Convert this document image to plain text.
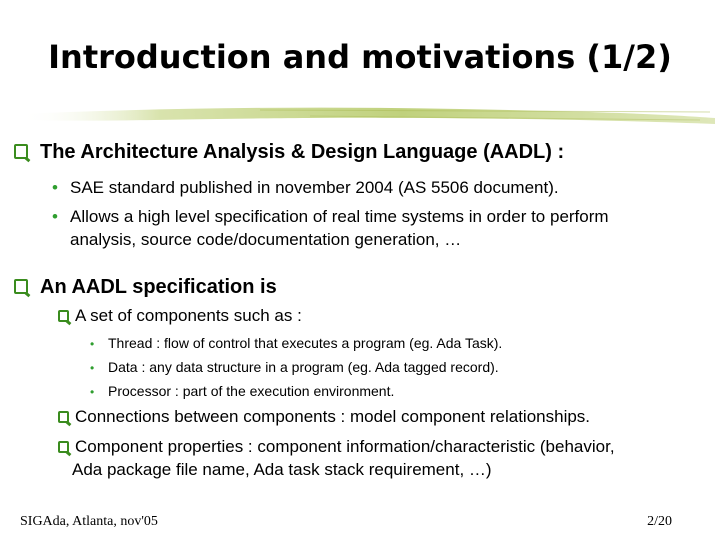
Introduction and motivations (1/2)
The Architecture Analysis & Design Language (AADL) :
• SAE standard published in november 2004 (AS 5506 document).
• Allows a high level specification of real time systems in order to perform
analysis, source code/documentation generation, …
An AADL specification is
A set of components such as :
• Thread : flow of control that executes a program (eg. Ada Task).
• Data : any data structure in a program (eg. Ada tagged record).
• Processor : part of the execution environment.
Connections between components : model component relationships.
Component properties : component information/characteristic (behavior,
Ada package file name, Ada task stack requirement, …)
SIGAda, Atlanta, nov'05	2/20
